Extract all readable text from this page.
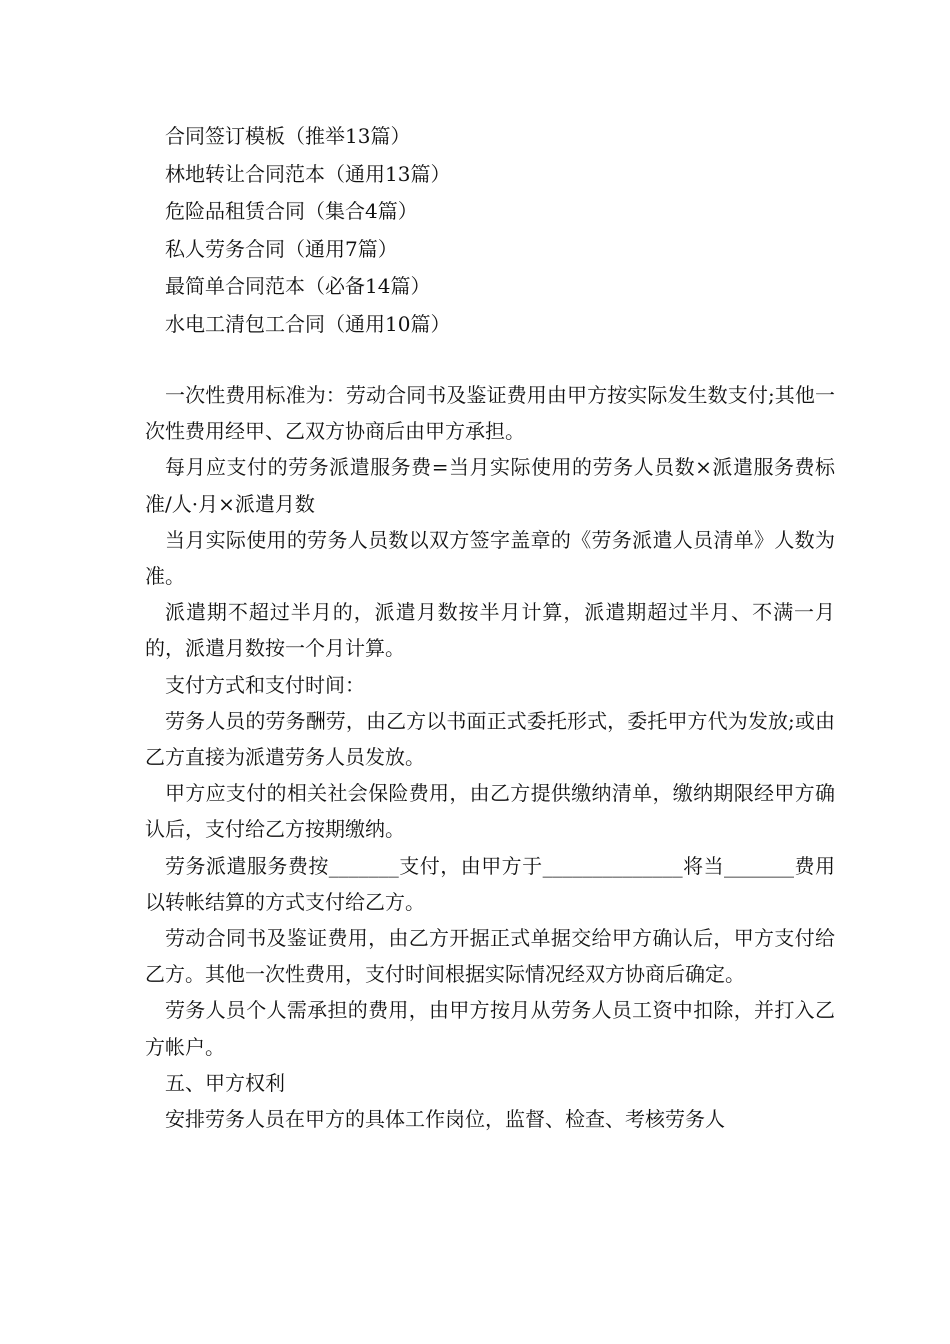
合同签订模板（推举13篇）
林地转让合同范本（通用13篇）
危险品租赁合同（集合4篇）
私人劳务合同（通用7篇）
最简单合同范本（必备14篇）
水电工清包工合同（通用10篇）

一次性费用标准为：劳动合同书及鉴证费用由甲方按实际发生数支付;其他一次性费用经甲、乙双方协商后由甲方承担。

每月应支付的劳务派遣服务费=当月实际使用的劳务人员数×派遣服务费标准/人·月×派遣月数

当月实际使用的劳务人员数以双方签字盖章的《劳务派遣人员清单》人数为准。

派遣期不超过半月的，派遣月数按半月计算，派遣期超过半月、不满一月的，派遣月数按一个月计算。

支付方式和支付时间：

劳务人员的劳务酬劳，由乙方以书面正式委托形式，委托甲方代为发放;或由乙方直接为派遣劳务人员发放。

甲方应支付的相关社会保险费用，由乙方提供缴纳清单，缴纳期限经甲方确认后，支付给乙方按期缴纳。

劳务派遣服务费按_______支付，由甲方于______________将当_______费用以转帐结算的方式支付给乙方。

劳动合同书及鉴证费用，由乙方开据正式单据交给甲方确认后，甲方支付给乙方。其他一次性费用，支付时间根据实际情况经双方协商后确定。

劳务人员个人需承担的费用，由甲方按月从劳务人员工资中扣除，并打入乙方帐户。

五、甲方权利

安排劳务人员在甲方的具体工作岗位，监督、检查、考核劳务人
